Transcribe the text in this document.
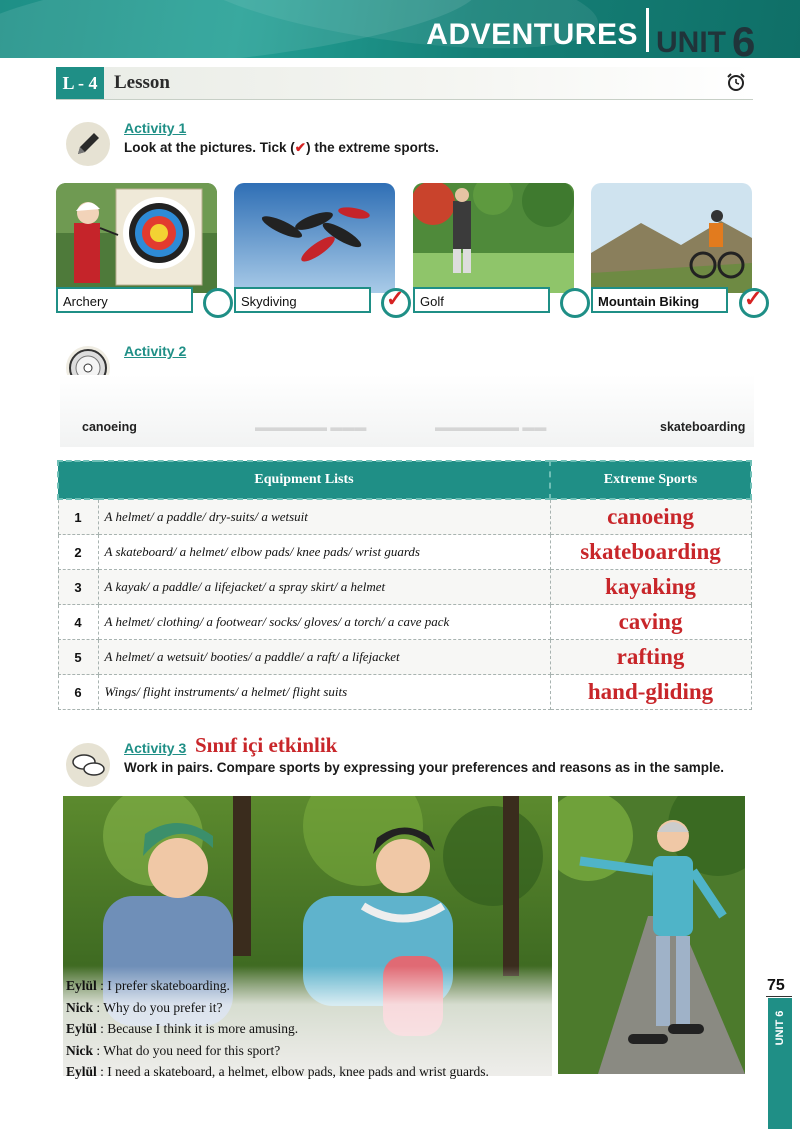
ADVENTURES UNIT 6
L - 4 Lesson
Activity 1
Look at the pictures. Tick (✔) the extreme sports.
Archery	Skydiving	✓	Golf	Mountain Biking	✓
Activity 2
canoeing	▬▬▬▬▬▬ ▬▬▬	▬▬▬▬▬▬▬ ▬▬	skateboarding
Equipment Lists		Extreme Sports
1	A helmet/ a paddle/ dry-suits/ a wetsuit	canoeing
2	A skateboard/ a helmet/ elbow pads/ knee pads/ wrist guards	skateboarding
3	A kayak/ a paddle/ a lifejacket/ a spray skirt/ a helmet	kayaking
4	A helmet/ clothing/ a footwear/ socks/ gloves/ a torch/ a cave pack	caving
5	A helmet/ a wetsuit/ booties/ a paddle/ a raft/ a lifejacket	rafting
6	Wings/ flight instruments/ a helmet/ flight suits	hand-gliding
Activity 3 Sınıf içi etkinlik
Work in pairs. Compare sports by expressing your preferences and reasons as in the sample.
Eylül : I prefer skateboarding.
Nick : Why do you prefer it?
Eylül : Because I think it is more amusing.
Nick : What do you need for this sport?
Eylül : I need a skateboard, a helmet, elbow pads, knee pads and wrist guards.
75
UNIT 6
